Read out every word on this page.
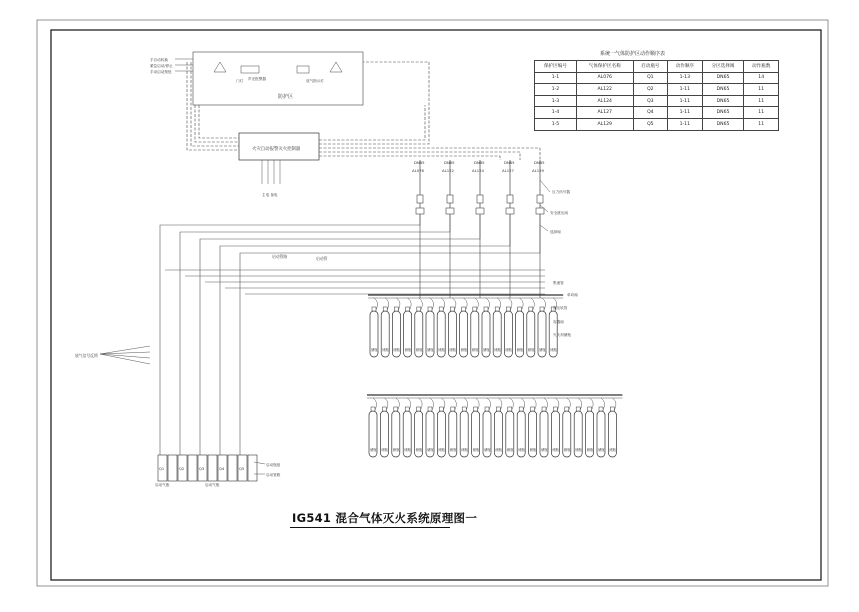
防护区
门灯	放气指示灯
声光报警器
手自动转换
紧急启动/停止
手动启动按钮
火灾自动报警灭火控制器
主电 备电
启动管路	启动管
放气信号反馈
DN65
AL076
DN65
AL122
DN65
AL124
DN65
AL127
DN65
AL129
压力讯号器
安全泄压阀
选择阀
储瓶 储瓶 储瓶 储瓶 储瓶 储瓶 储瓶 储瓶 储瓶 储瓶 储瓶 储瓶 储瓶 储瓶 储瓶 储瓶 储瓶
集流管
单向阀
高压软管
容器阀
灭火剂储瓶
储瓶 储瓶 储瓶 储瓶 储瓶 储瓶 储瓶 储瓶 储瓶 储瓶 储瓶 储瓶 储瓶 储瓶 储瓶 储瓶 储瓶 储瓶 储瓶 储瓶 储瓶 储瓶
Q1	Q2	Q3	Q4	Q5
启动瓶组
启动管路
启动气瓶	启动气瓶
系统一气体防护区动作顺序表
保护区编号	气体保护区名称	启动瓶号	动作顺序	分区选择阀	动作瓶数
1-1	AL076	Q1	1-13	DN65	14
1-2	AL122	Q2	1-11	DN65	11
1-3	AL124	Q3	1-11	DN65	11
1-4	AL127	Q4	1-11	DN65	11
1-5	AL129	Q5	1-11	DN65	11
IG541 混合气体灭火系统原理图一
